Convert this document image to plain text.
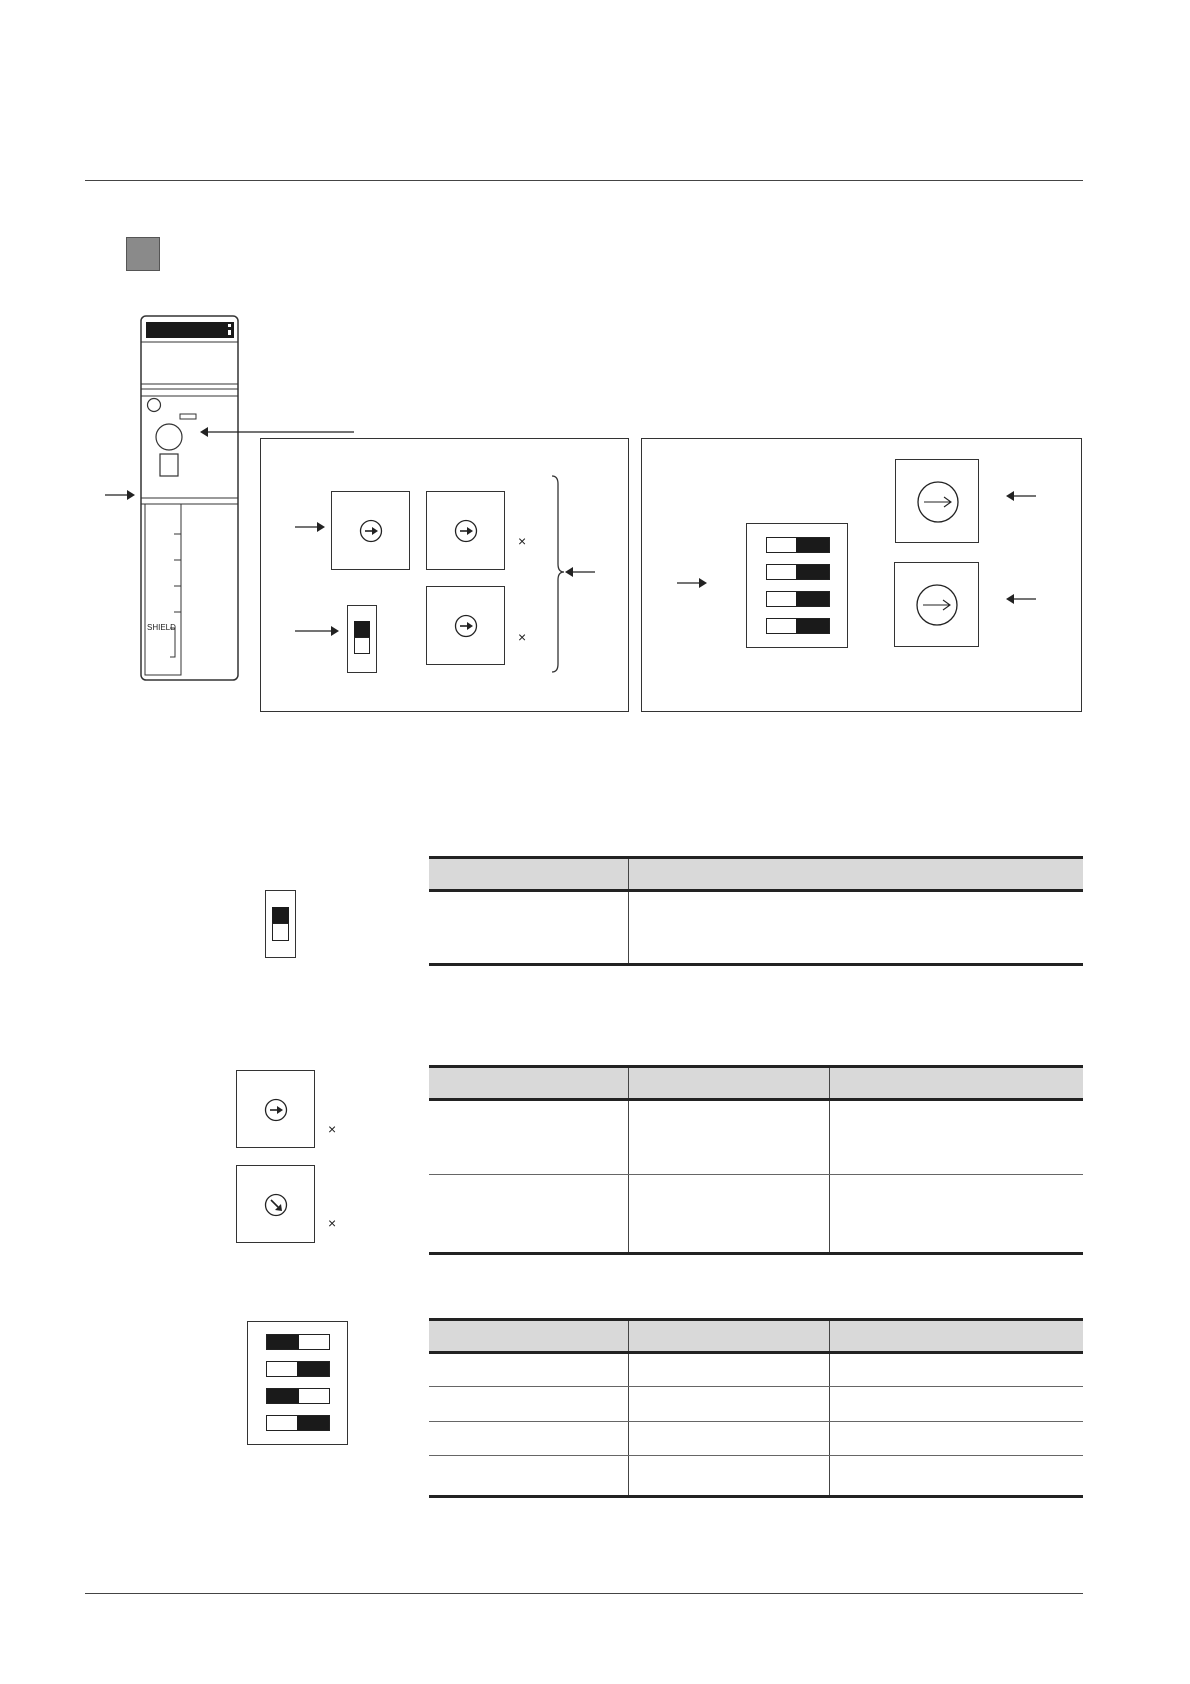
SHIELD
×
×

×
×
